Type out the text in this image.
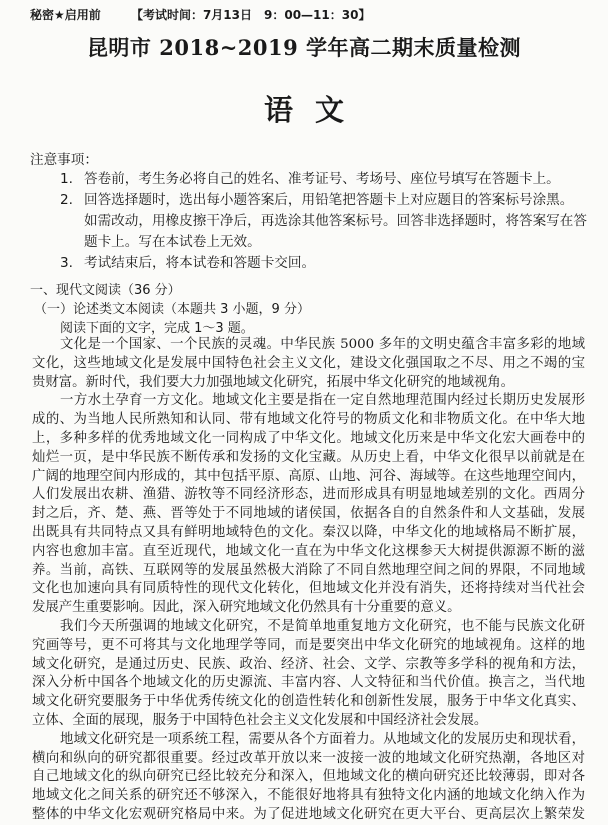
秘密★启用前	【考试时间：7月13日　9：00—11：30】
昆明市 2018~2019 学年高二期末质量检测
语文
注意事项：
1. 答卷前，考生务必将自己的姓名、准考证号、考场号、座位号填写在答题卡上。
2. 回答选择题时，选出每小题答案后，用铅笔把答题卡上对应题目的答案标号涂黑。
如需改动，用橡皮擦干净后，再选涂其他答案标号。回答非选择题时，将答案写在答
题卡上。写在本试卷上无效。
3. 考试结束后，将本试卷和答题卡交回。
一、现代文阅读（36 分）
（一）论述类文本阅读（本题共 3 小题，9 分）
阅读下面的文字，完成 1～3 题。
文化是一个国家、一个民族的灵魂。中华民族 5000 多年的文明史蕴含丰富多彩的地域
文化，这些地域文化是发展中国特色社会主义文化，建设文化强国取之不尽、用之不竭的宝
贵财富。新时代，我们要大力加强地域文化研究，拓展中华文化研究的地域视角。
一方水土孕育一方文化。地域文化主要是指在一定自然地理范围内经过长期历史发展形
成的、为当地人民所熟知和认同、带有地域文化符号的物质文化和非物质文化。在中华大地
上，多种多样的优秀地域文化一同构成了中华文化。地域文化历来是中华文化宏大画卷中的
灿烂一页，是中华民族不断传承和发扬的文化宝藏。从历史上看，中华文化很早以前就是在
广阔的地理空间内形成的，其中包括平原、高原、山地、河谷、海域等。在这些地理空间内，
人们发展出农耕、渔猎、游牧等不同经济形态，进而形成具有明显地域差别的文化。西周分
封之后，齐、楚、燕、晋等处于不同地域的诸侯国，依据各自的自然条件和人文基础，发展
出既具有共同特点又具有鲜明地域特色的文化。秦汉以降，中华文化的地域格局不断扩展，
内容也愈加丰富。直至近现代，地域文化一直在为中华文化这棵参天大树提供源源不断的滋
养。当前，高铁、互联网等的发展虽然极大消除了不同自然地理空间之间的界限，不同地域
文化也加速向具有同质特性的现代文化转化，但地域文化并没有消失，还将持续对当代社会
发展产生重要影响。因此，深入研究地域文化仍然具有十分重要的意义。
我们今天所强调的地域文化研究，不是简单地重复地方文化研究，也不能与民族文化研
究画等号，更不可将其与文化地理学等同，而是要突出中华文化研究的地域视角。这样的地
域文化研究，是通过历史、民族、政治、经济、社会、文学、宗教等多学科的视角和方法，
深入分析中国各个地域文化的历史源流、丰富内容、人文特征和当代价值。换言之，当代地
域文化研究要服务于中华优秀传统文化的创造性转化和创新性发展，服务于中华文化真实、
立体、全面的展现，服务于中国特色社会主义文化发展和中国经济社会发展。
地域文化研究是一项系统工程，需要从各个方面着力。从地域文化的发展历史和现状看，
横向和纵向的研究都很重要。经过改革开放以来一波接一波的地域文化研究热潮，各地区对
自己地域文化的纵向研究已经比较充分和深入，但地域文化的横向研究还比较薄弱，即对各
地域文化之间关系的研究还不够深入，不能很好地将具有独特文化内涵的地域文化纳入作为
整体的中华文化宏观研究格局中来。为了促进地域文化研究在更大平台、更高层次上繁荣发
